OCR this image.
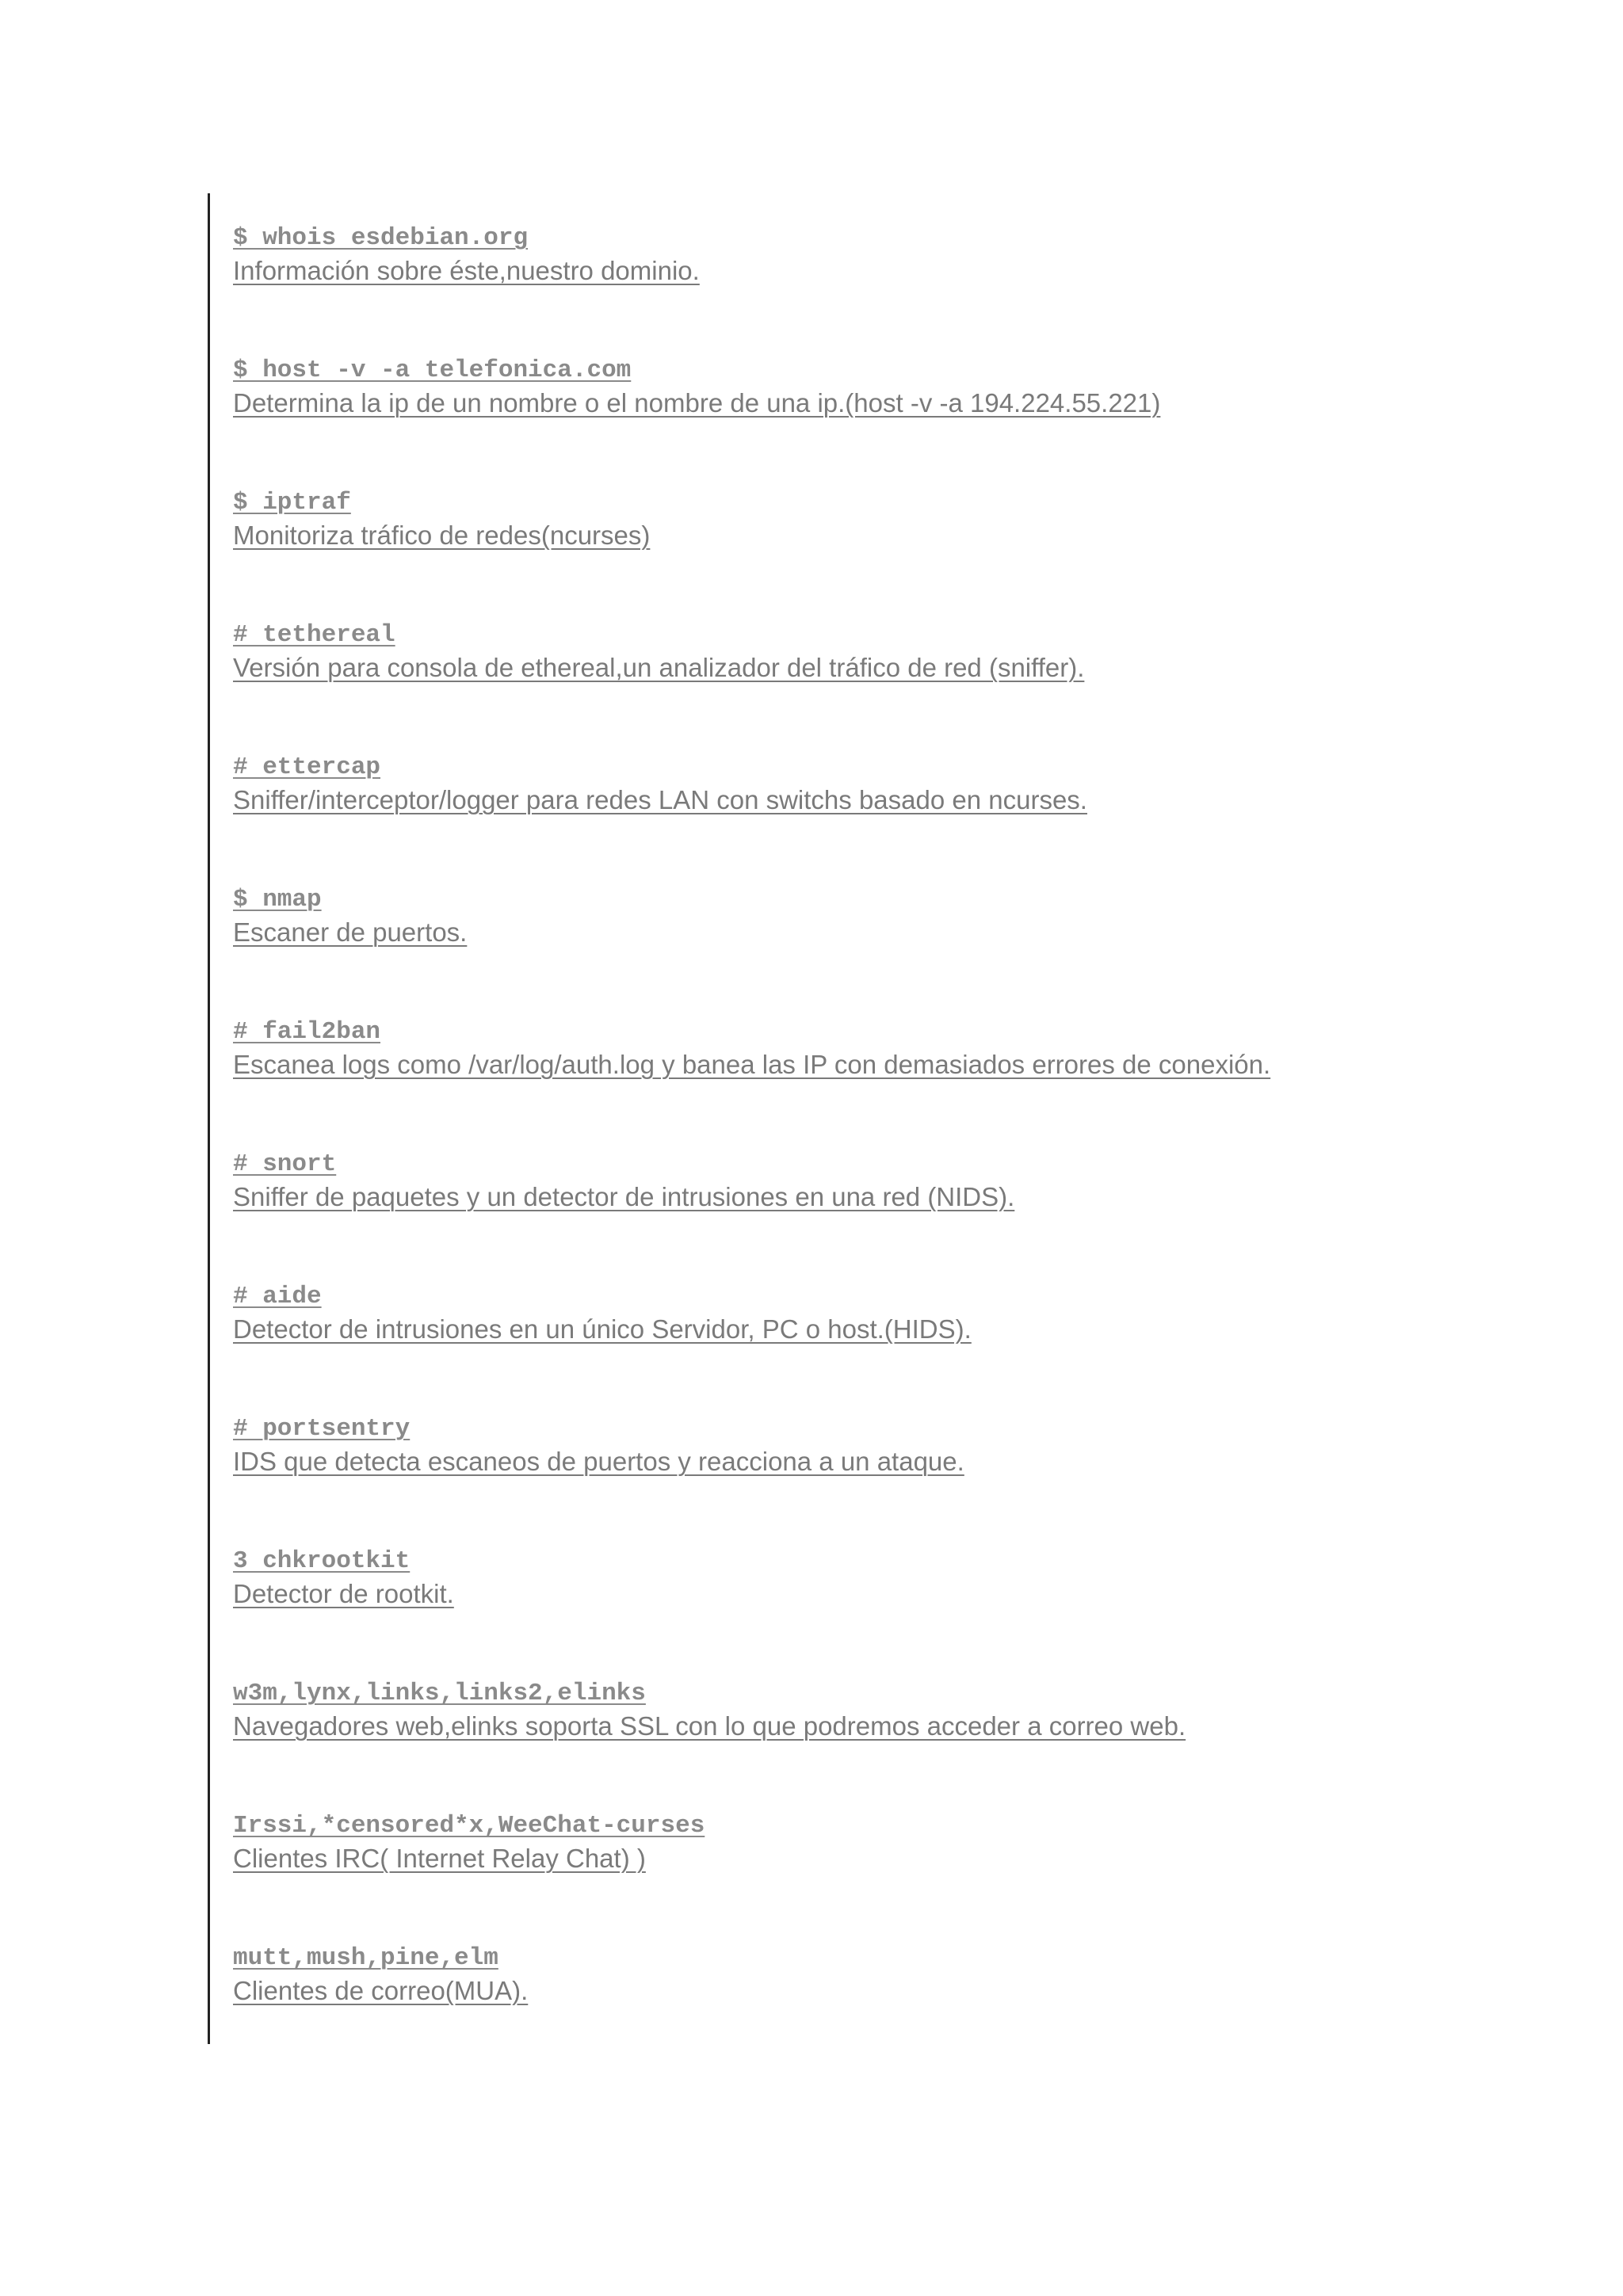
$ whois esdebian.org
Información sobre éste,nuestro dominio.
$ host -v -a telefonica.com
Determina la ip de un nombre o el nombre de una ip.(host -v -a 194.224.55.221)
$ iptraf
Monitoriza tráfico de redes(ncurses)
# tethereal
Versión para consola de ethereal,un analizador del tráfico de red (sniffer).
# ettercap
Sniffer/interceptor/logger para redes LAN con switchs basado en ncurses.
$ nmap
Escaner de puertos.
# fail2ban
Escanea logs como /var/log/auth.log y banea las IP con demasiados errores de conexión.
# snort
Sniffer de paquetes y un detector de intrusiones en una red (NIDS).
# aide
Detector de intrusiones en un único Servidor, PC o host.(HIDS).
# portsentry
IDS que detecta escaneos de puertos y reacciona a un ataque.
3 chkrootkit
Detector de rootkit.
w3m,lynx,links,links2,elinks
Navegadores web,elinks soporta SSL con lo que podremos acceder a correo web.
Irssi,*censored*x,WeeChat-curses
Clientes IRC( Internet Relay Chat) )
mutt,mush,pine,elm
Clientes de correo(MUA).
